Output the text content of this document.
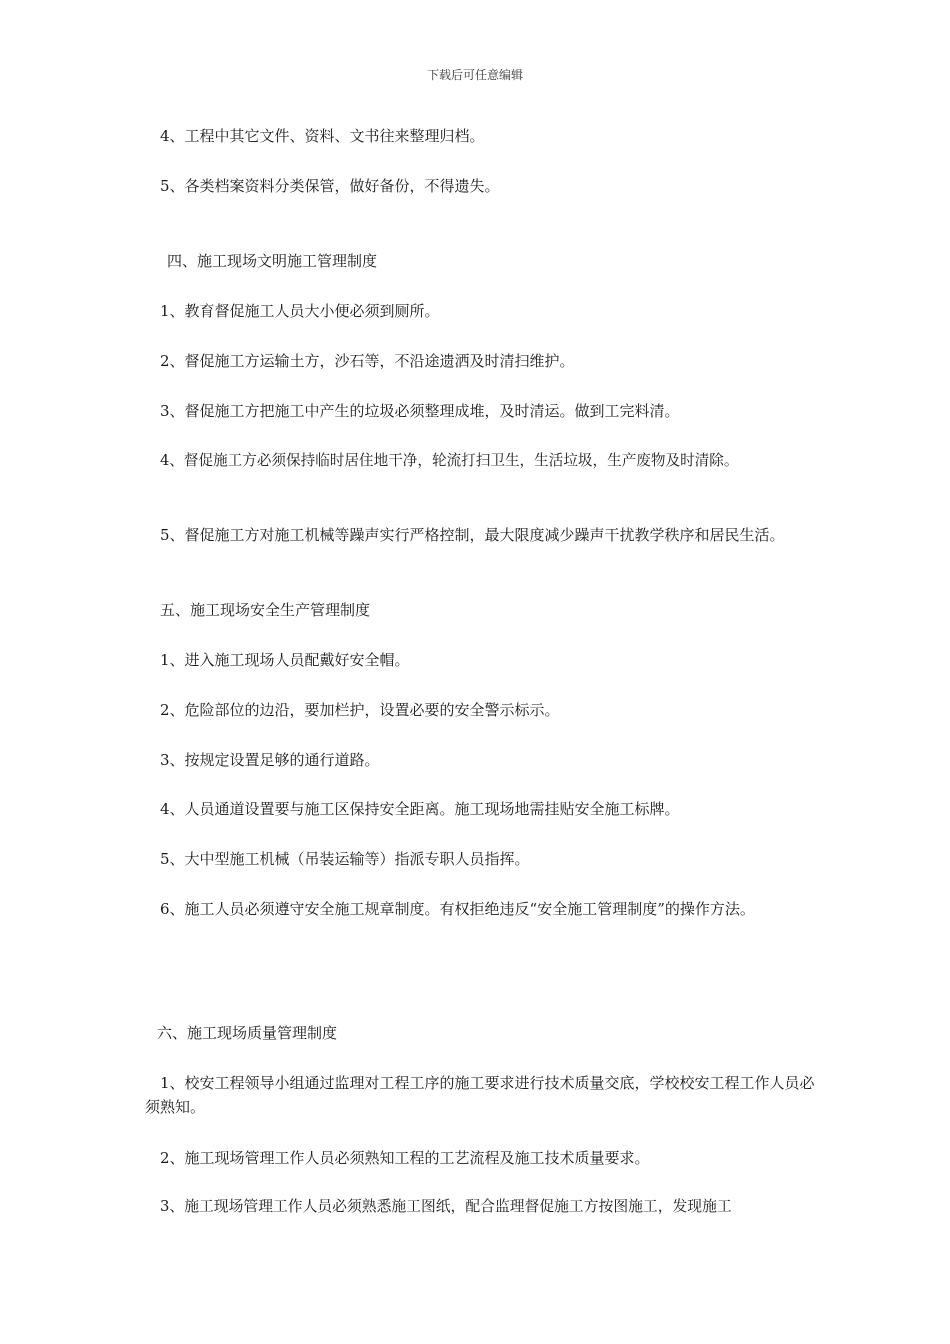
下载后可任意编辑
4、工程中其它文件、资料、文书往来整理归档。
5、各类档案资料分类保管，做好备份，不得遗失。
四、施工现场文明施工管理制度
1、教育督促施工人员大小便必须到厕所。
2、督促施工方运输土方，沙石等，不沿途遗洒及时清扫维护。
3、督促施工方把施工中产生的垃圾必须整理成堆，及时清运。做到工完料清。
4、督促施工方必须保持临时居住地干净，轮流打扫卫生，生活垃圾，生产废物及时清除。
5、督促施工方对施工机械等躁声实行严格控制，最大限度减少躁声干扰教学秩序和居民生活。
五、施工现场安全生产管理制度
1、进入施工现场人员配戴好安全帽。
2、危险部位的边沿，要加栏护，设置必要的安全警示标示。
3、按规定设置足够的通行道路。
4、人员通道设置要与施工区保持安全距离。施工现场地需挂贴安全施工标牌。
5、大中型施工机械（吊装运输等）指派专职人员指挥。
6、施工人员必须遵守安全施工规章制度。有权拒绝违反“安全施工管理制度”的操作方法。
六、施工现场质量管理制度
1、校安工程领导小组通过监理对工程工序的施工要求进行技术质量交底，学校校安工程工作人员必须熟知。
2、施工现场管理工作人员必须熟知工程的工艺流程及施工技术质量要求。
3、施工现场管理工作人员必须熟悉施工图纸，配合监理督促施工方按图施工，发现施工
